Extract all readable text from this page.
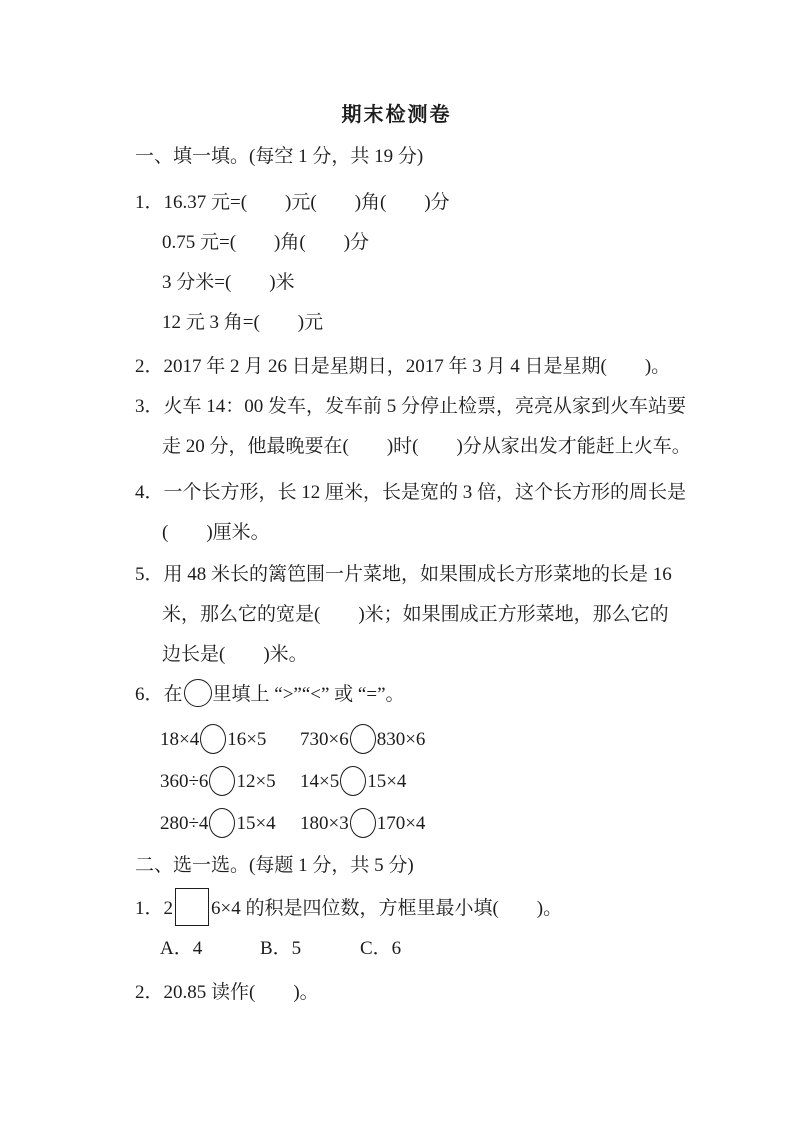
期末检测卷
一、填一填。(每空 1 分，共 19 分)
1．16.37 元=(　　)元(　　)角(　　)分
0.75 元=(　　)角(　　)分
3 分米=(　　)米
12 元 3 角=(　　)元
2．2017 年 2 月 26 日是星期日，2017 年 3 月 4 日是星期(　　)。
3．火车 14：00 发车，发车前 5 分停止检票，亮亮从家到火车站要
走 20 分，他最晚要在(　　)时(　　)分从家出发才能赶上火车。
4．一个长方形，长 12 厘米，长是宽的 3 倍，这个长方形的周长是
(　　)厘米。
5．用 48 米长的篱笆围一片菜地，如果围成长方形菜地的长是 16
米，那么它的宽是(　　)米；如果围成正方形菜地，那么它的
边长是(　　)米。
6．在 里填上 “>”“<” 或 “=”。
18×4 16×5 730×6 830×6
360÷6 12×5 14×5 15×4
280÷4 15×4 180×3 170×4
二、选一选。(每题 1 分，共 5 分)
1．2 6×4 的积是四位数，方框里最小填(　　)。
A．4	B．5	C．6
2．20.85 读作(　　)。
